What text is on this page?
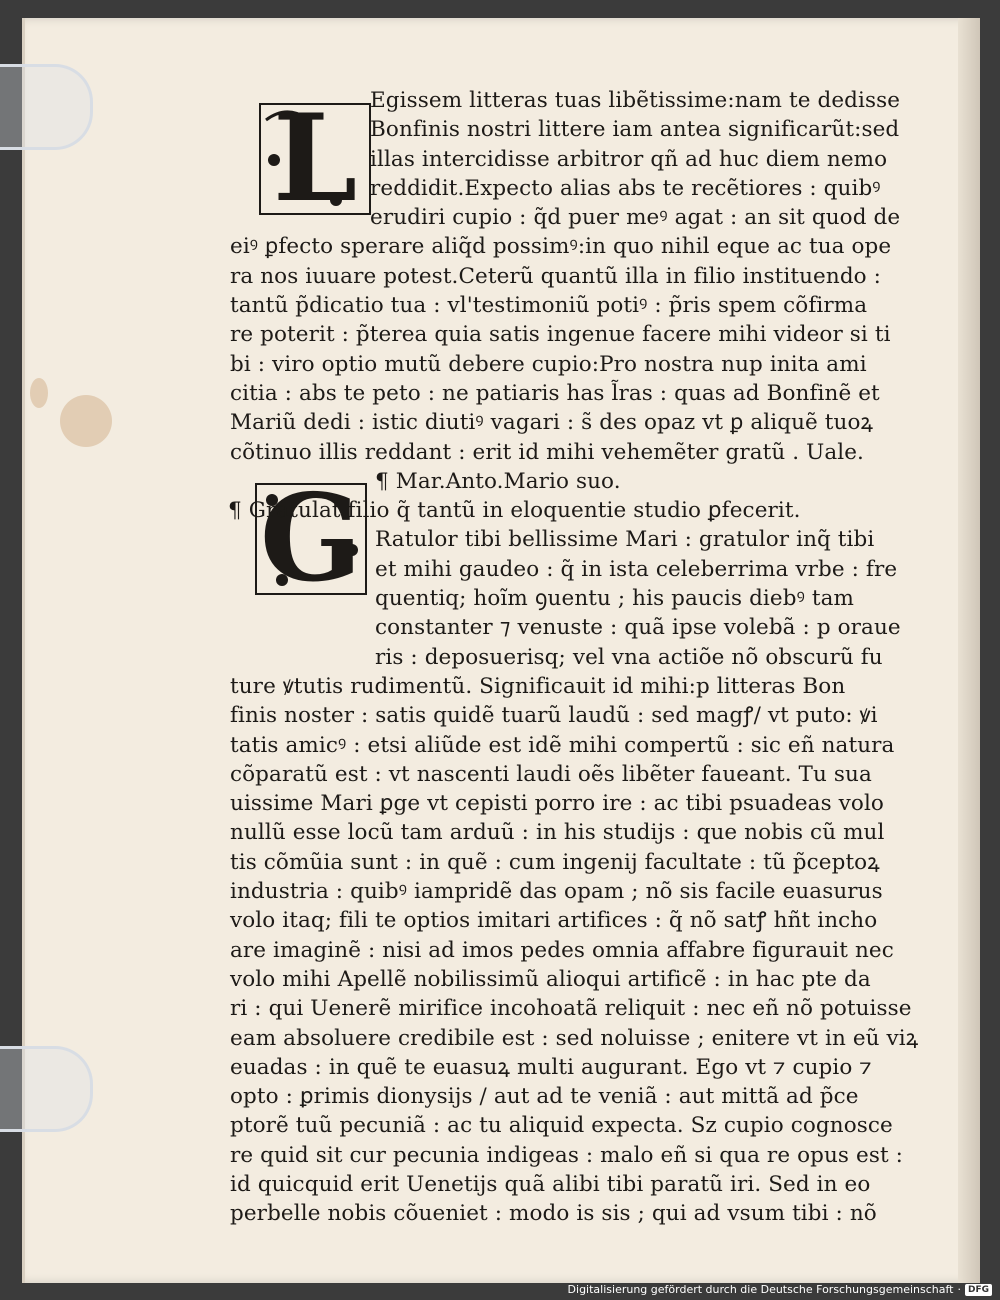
L
G
Egissem litteras tuas libẽtissime:nam te dedisse
Bonfinis nostri littere iam antea significarũt:sed
illas intercidisse arbitror qñ ad huc diem nemo
reddidit.Expecto alias abs te recẽtiores : quibꝰ
erudiri cupio : q̃d puer meꝰ agat : an sit quod de
eiꝰ ꝑfecto sperare aliq̃d possimꝰ:in quo nihil eque ac tua ope
ra nos iuuare potest.Ceterũ quantũ illa in filio instituendo :
tantũ p̃dicatio tua : vl'testimoniũ potiꝰ : p̃ris spem cõfirma
re poterit : p̃terea quia satis ingenue facere mihi videor si ti
bi : viro optio mutũ debere cupio:Pro nostra nup inita ami
citia : abs te peto : ne patiaris has l̃ras : quas ad Bonfinẽ et
Mariũ dedi : istic diutiꝰ vagari : s̃ des opaz vt ꝑ aliquẽ tuoꝝ
cõtinuo illis reddant : erit id mihi vehemẽter gratũ . Uale.
¶ Mar.Anto.Mario suo.
¶ Gratulat filio q̃ tantũ in eloquentie studio ꝑfecerit.
Ratulor tibi bellissime Mari : gratulor inq̃ tibi
et mihi gaudeo : q̃ in ista celeberrima vrbe : fre
quentiq; hoĩm ꝯuentu ; his paucis diebꝰ tam
constanter ⁊ venuste : quã ipse volebã : p oraue
ris : deposuerisq; vel vna actiõe nõ obscurũ fu
ture ꝟtutis rudimentũ. Significauit id mihi:p litteras Bon
finis noster : satis quidẽ tuarũ laudũ : sed magꝭ/ vt puto: ꝟi
tatis amicꝰ : etsi aliũde est idẽ mihi compertũ : sic eñ natura
cõparatũ est : vt nascenti laudi oẽs libẽter faueant. Tu sua
uissime Mari ꝑge vt cepisti porro ire : ac tibi psuadeas volo
nullũ esse locũ tam arduũ : in his studijs : que nobis cũ mul
tis cõmũia sunt : in quẽ : cum ingenij facultate : tũ p̃ceptoꝝ
industria : quibꝰ iampridẽ das opam ; nõ sis facile euasurus
volo itaq; fili te optios imitari artifices : q̃ nõ satꝭ hñt incho
are imaginẽ : nisi ad imos pedes omnia affabre figurauit nec
volo mihi Apellẽ nobilissimũ alioqui artificẽ : in hac pte da
ri : qui Uenerẽ mirifice incohoatã reliquit : nec eñ nõ potuisse
eam absoluere credibile est : sed noluisse ; enitere vt in eũ viꝝ
euadas : in quẽ te euasuꝝ multi augurant. Ego vt ⁊ cupio ⁊
opto : ꝑrimis dionysijs / aut ad te veniã : aut mittã ad p̃ce
ptorẽ tuũ pecuniã : ac tu aliquid expecta. Sz cupio cognosce
re quid sit cur pecunia indigeas : malo eñ si qua re opus est :
id quicquid erit Uenetijs quã alibi tibi paratũ iri. Sed in eo
perbelle nobis cõueniet : modo is sis ; qui ad vsum tibi : nõ
Digitalisierung gefördert durch die Deutsche Forschungsgemeinschaft · DFG
